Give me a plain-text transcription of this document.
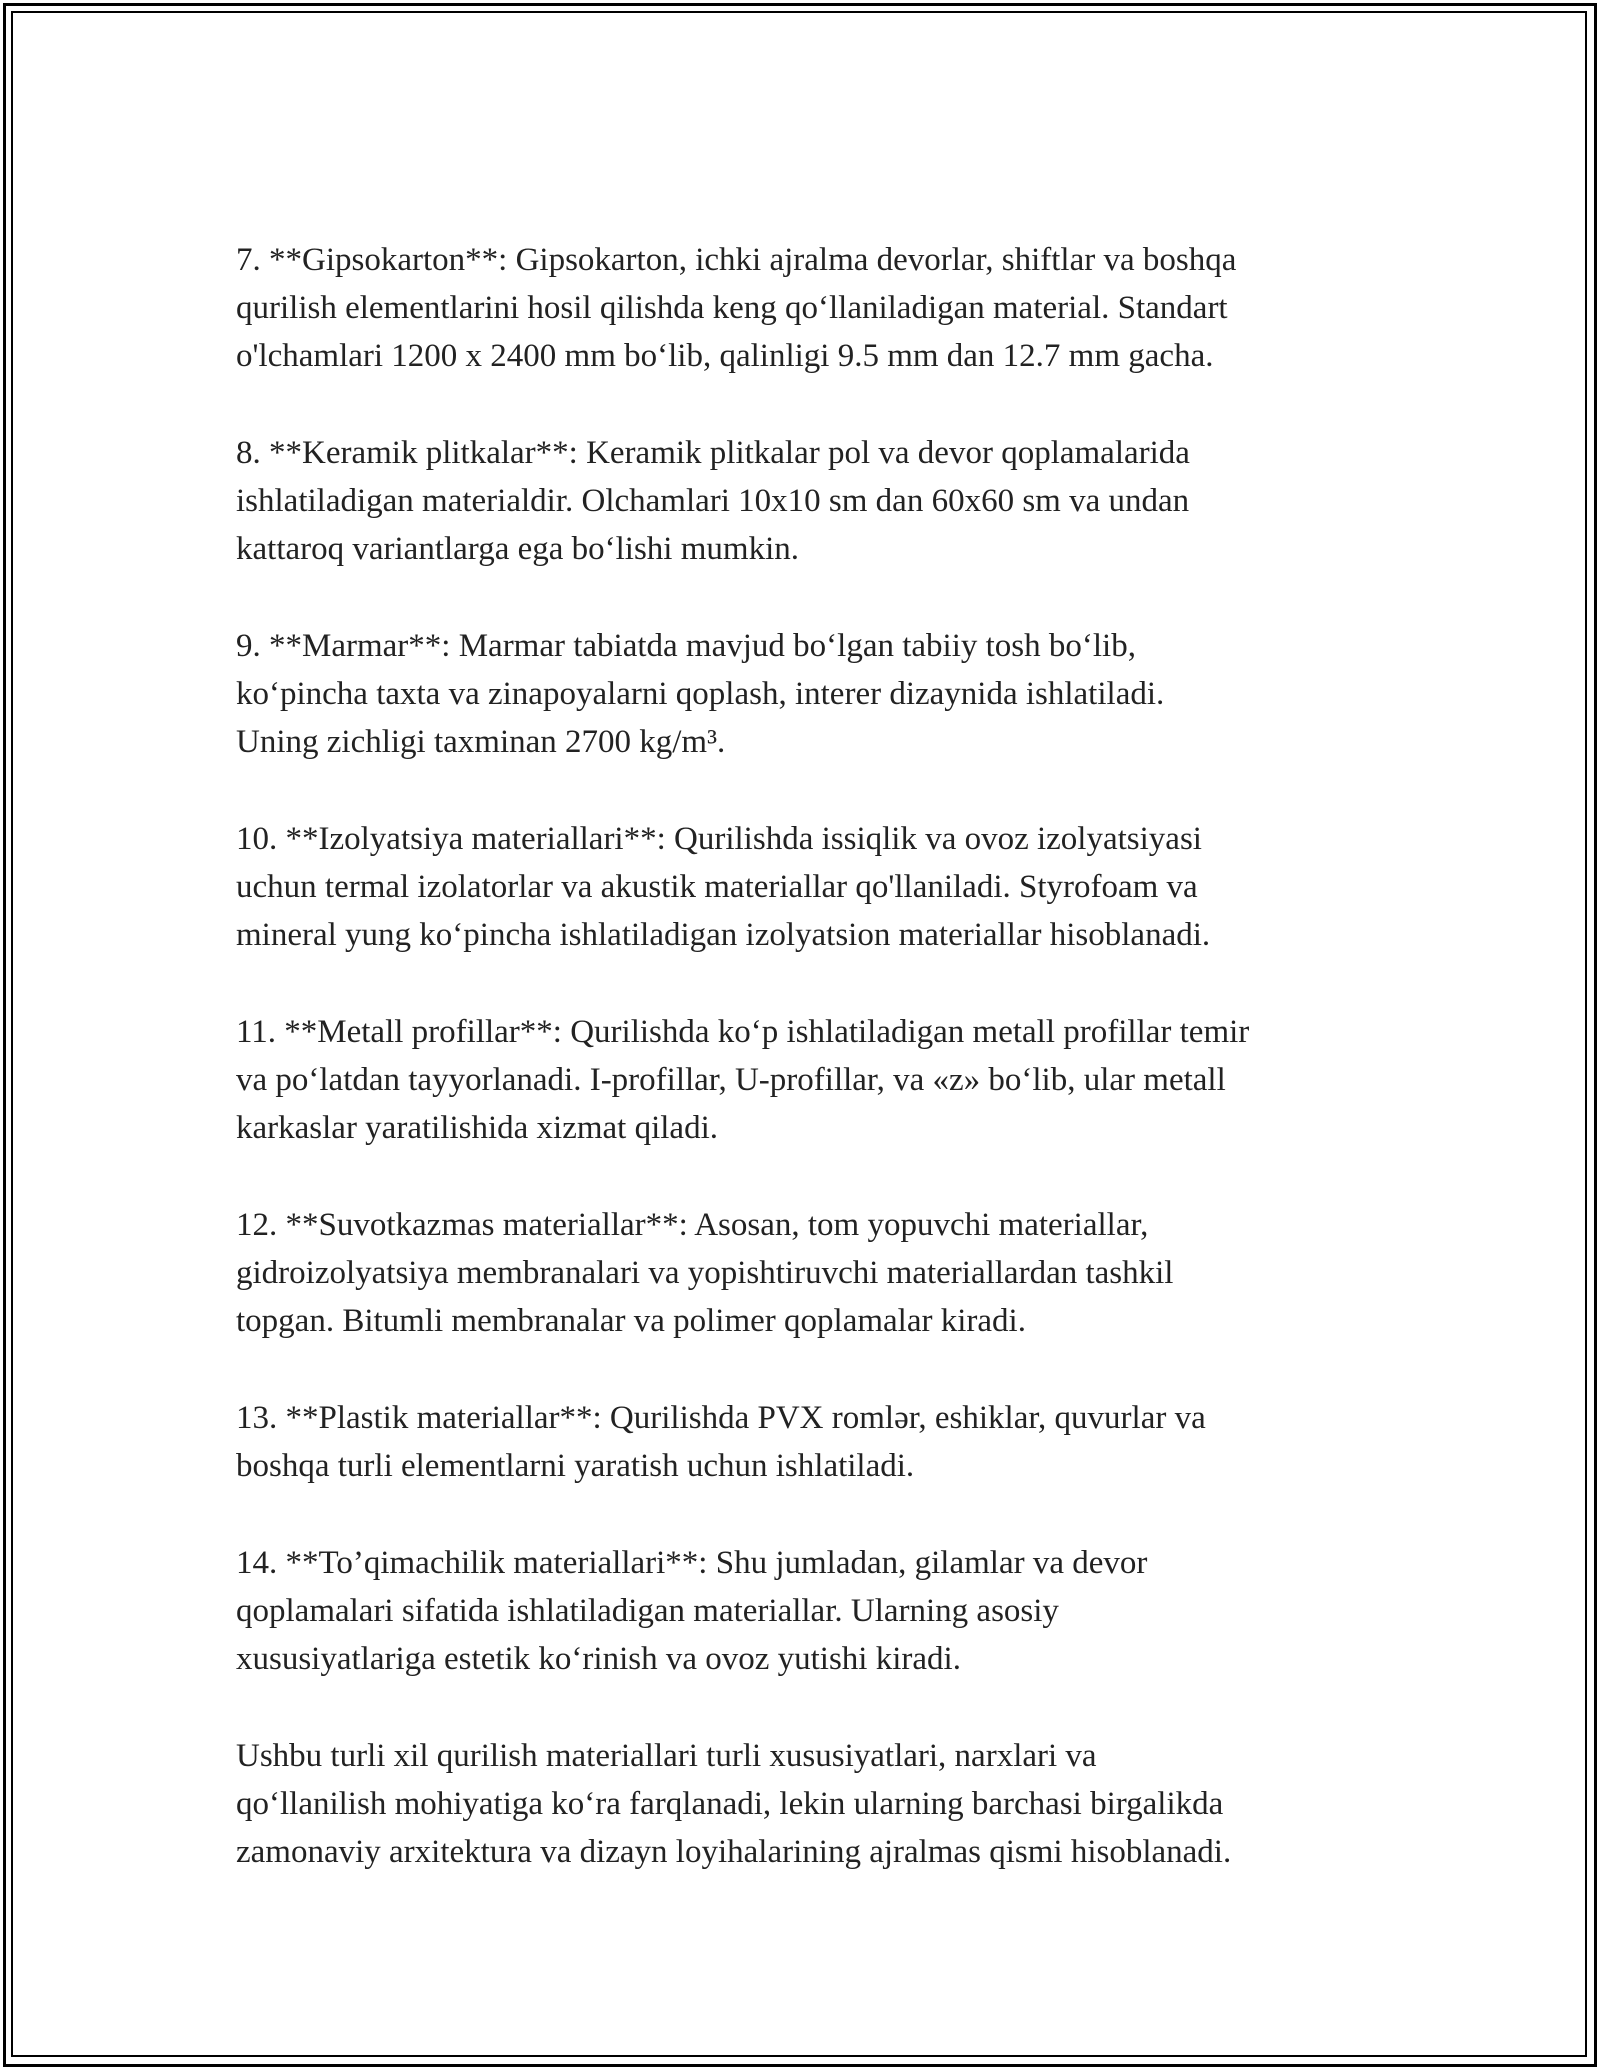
7. **Gipsokarton**: Gipsokarton, ichki ajralma devorlar, shiftlar va boshqa
qurilish elementlarini hosil qilishda keng qo‘llaniladigan material. Standart
o'lchamlari 1200 x 2400 mm bo‘lib, qalinligi 9.5 mm dan 12.7 mm gacha.

8. **Keramik plitkalar**: Keramik plitkalar pol va devor qoplamalarida
ishlatiladigan materialdir. Olchamlari 10x10 sm dan 60x60 sm va undan
kattaroq variantlarga ega bo‘lishi mumkin.

9. **Marmar**: Marmar tabiatda mavjud bo‘lgan tabiiy tosh bo‘lib,
ko‘pincha taxta va zinapoyalarni qoplash, interer dizaynida ishlatiladi.
Uning zichligi taxminan 2700 kg/m³.

10. **Izolyatsiya materiallari**: Qurilishda issiqlik va ovoz izolyatsiyasi
uchun termal izolatorlar va akustik materiallar qo'llaniladi. Styrofoam va
mineral yung ko‘pincha ishlatiladigan izolyatsion materiallar hisoblanadi.

11. **Metall profillar**: Qurilishda ko‘p ishlatiladigan metall profillar temir
va po‘latdan tayyorlanadi. I-profillar, U-profillar, va «z» bo‘lib, ular metall
karkaslar yaratilishida xizmat qiladi.

12. **Suvotkazmas materiallar**: Asosan, tom yopuvchi materiallar,
gidroizolyatsiya membranalari va yopishtiruvchi materiallardan tashkil
topgan. Bitumli membranalar va polimer qoplamalar kiradi.

13. **Plastik materiallar**: Qurilishda PVX romlər, eshiklar, quvurlar va
boshqa turli elementlarni yaratish uchun ishlatiladi.

14. **To’qimachilik materiallari**: Shu jumladan, gilamlar va devor
qoplamalari sifatida ishlatiladigan materiallar. Ularning asosiy
xususiyatlariga estetik ko‘rinish va ovoz yutishi kiradi.

Ushbu turli xil qurilish materiallari turli xususiyatlari, narxlari va
qo‘llanilish mohiyatiga ko‘ra farqlanadi, lekin ularning barchasi birgalikda
zamonaviy arxitektura va dizayn loyihalarining ajralmas qismi hisoblanadi.
